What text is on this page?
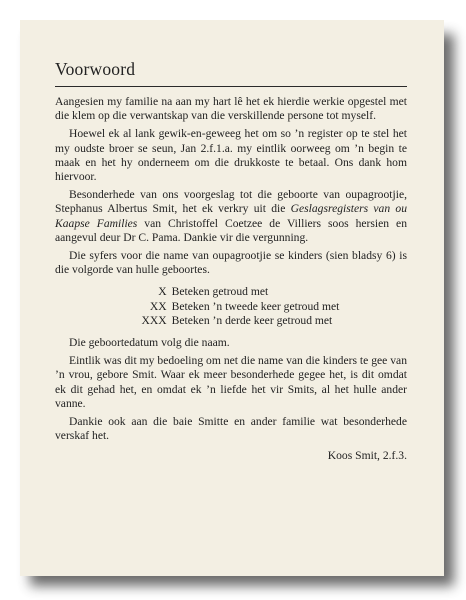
Voorwoord

Aangesien my familie na aan my hart lê het ek hierdie werkie opgestel met die klem op die verwantskap van die verskillende persone tot myself.

Hoewel ek al lank gewik-en-geweeg het om so ’n register op te stel het my oudste broer se seun, Jan 2.f.1.a. my eintlik oorweeg om ’n begin te maak en het hy onderneem om die drukkoste te betaal. Ons dank hom hiervoor.

Besonderhede van ons voorgeslag tot die geboorte van oupagrootjie, Stephanus Albertus Smit, het ek verkry uit die Geslagsregisters van ou Kaapse Families van Christoffel Coetzee de Villiers soos hersien en aangevul deur Dr C. Pama. Dankie vir die vergunning.

Die syfers voor die name van oupagrootjie se kinders (sien bladsy 6) is die volgorde van hulle geboortes.

X Beteken getroud met
XX Beteken ’n tweede keer getroud met
XXX Beteken ’n derde keer getroud met

Die geboortedatum volg die naam.

Eintlik was dit my bedoeling om net die name van die kinders te gee van ’n vrou, gebore Smit. Waar ek meer besonderhede gegee het, is dit omdat ek dit gehad het, en omdat ek ’n liefde het vir Smits, al het hulle ander vanne.

Dankie ook aan die baie Smitte en ander familie wat besonderhede verskaf het.

Koos Smit, 2.f.3.
